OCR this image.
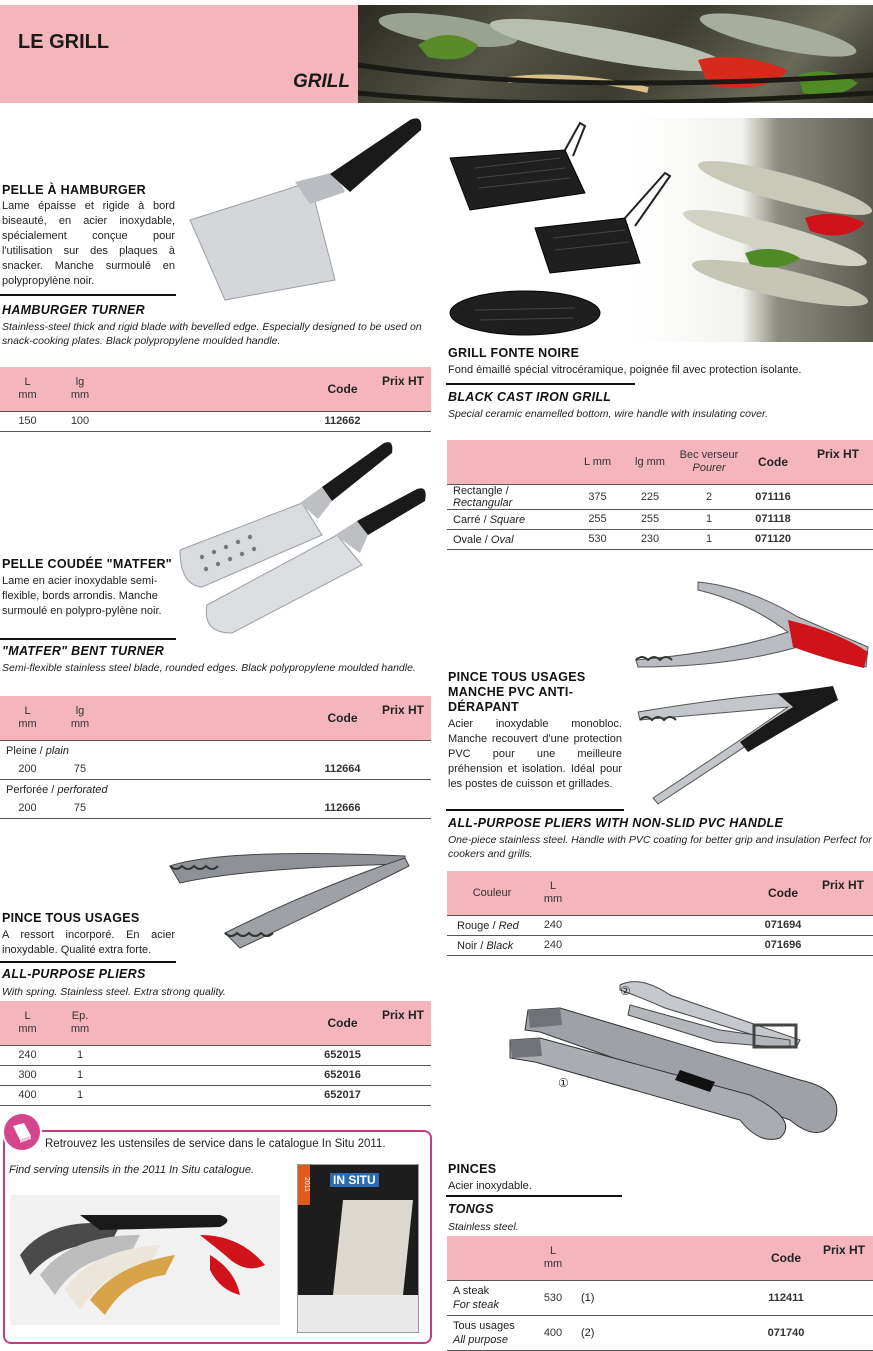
LE GRILL
GRILL
PELLE À HAMBURGER
Lame épaisse et rigide à bord biseauté, en acier inoxydable, spécialement conçue pour l'utilisation sur des plaques à snacker. Manche surmoulé en polypropylène noir.
HAMBURGER TURNER
Stainless-steel thick and rigid blade with bevelled edge. Especially designed to be used on snack-cooking plates. Black polypropylene moulded handle.
L
mm	lg
mm		Code	Prix HT
150	100		112662	
PELLE COUDÉE "MATFER"
Lame en acier inoxydable semi-flexible, bords arrondis. Manche surmoulé en polypro-pylène noir.
"MATFER" BENT TURNER
Semi-flexible stainless steel blade, rounded edges. Black polypropylene moulded handle.
L
mm	lg
mm		Code	Prix HT
Pleine / plain				
200	75		112664	
Perforée / perforated				
200	75		112666	
PINCE TOUS USAGES
A ressort incorporé. En acier inoxydable. Qualité extra forte.
ALL-PURPOSE PLIERS
With spring. Stainless steel. Extra strong quality.
L
mm	Ep.
mm		Code	Prix HT
240	1		652015	
300	1		652016	
400	1		652017	
Retrouvez les ustensiles de service dans le catalogue In Situ 2011.
Find serving utensils in the 2011 In Situ catalogue.
2011 IN SITU
GRILL FONTE NOIRE
Fond émaillé spécial vitrocéramique, poignée fil avec protection isolante.
BLACK CAST IRON GRILL
Special ceramic enamelled bottom, wire handle with insulating cover.
	L mm	lg mm	Bec verseur
Pourer	Code	Prix HT
Rectangle / Rectangular	375	225	2	071116	
Carré / Square	255	255	1	071118	
Ovale / Oval	530	230	1	071120	
PINCE TOUS USAGES
MANCHE PVC ANTI-
DÉRAPANT
Acier inoxydable monobloc. Manche recouvert d'une protection PVC pour une meilleure préhension et isolation. Idéal pour les postes de cuisson et grillades.
ALL-PURPOSE PLIERS WITH NON-SLID PVC HANDLE
One-piece stainless steel. Handle with PVC coating for better grip and insulation Perfect for cookers and grills.
Couleur	L
mm		Code	Prix HT
Rouge / Red	240		071694	
Noir / Black	240		071696	
②
①
PINCES
Acier inoxydable.
TONGS
Stainless steel.
	L
mm		Code	Prix HT
A steak
For steak	530	(1)	112411	
Tous usages
All purpose	400	(2)	071740	
